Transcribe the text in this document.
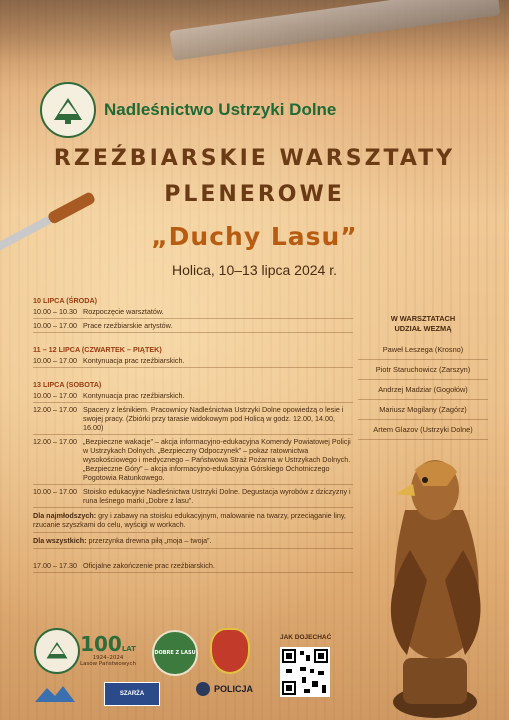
Nadleśnictwo Ustrzyki Dolne
RZEŹBIARSKIE WARSZTATY
PLENEROWE
„Duchy Lasu”
Holica, 10–13 lipca 2024 r.
10 LIPCA (ŚRODA)
10.00 – 10.30 Rozpoczęcie warsztatów.
10.00 – 17.00 Prace rzeźbiarskie artystów.
11 – 12 LIPCA (CZWARTEK – PIĄTEK)
10.00 – 17.00 Kontynuacja prac rzeźbiarskich.
13 LIPCA (SOBOTA)
10.00 – 17.00 Kontynuacja prac rzeźbiarskich.
12.00 – 17.00 Spacery z leśnikiem. Pracownicy Nadleśnictwa Ustrzyki Dolne opowiedzą o lesie i swojej pracy. (Zbiórki przy tarasie widokowym pod Holicą w godz. 12.00, 14.00, 16.00)
12.00 – 17.00 „Bezpieczne wakacje” – akcja informacyjno-edukacyjna Komendy Powiatowej Policji w Ustrzykach Dolnych. „Bezpieczny Odpoczynek” – pokaz ratownictwa wysokościowego i medycznego – Państwowa Straż Pożarna w Ustrzykach Dolnych. „Bezpieczne Góry” – akcja informacyjno-edukacyjna Górskiego Ochotniczego Pogotowia Ratunkowego.
10.00 – 17.00 Stoisko edukacyjne Nadleśnictwa Ustrzyki Dolne. Degustacja wyrobów z dziczyzny i runa leśnego marki „Dobre z lasu”.
Dla najmłodszych: gry i zabawy na stoisku edukacyjnym, malowanie na twarzy, przeciąganie liny, rzucanie szyszkami do celu, wyścigi w workach.
Dla wszystkich: przerzynka drewna piłą „moja – twoja”.
17.00 – 17.30 Oficjalne zakończenie prac rzeźbiarskich.
W WARSZTATACH
UDZIAŁ WEZMĄ
Paweł Leszega (Krosno)
Piotr Staruchowicz (Zarszyn)
Andrzej Madziar (Gogołów)
Mariusz Mogilany (Zagórz)
Artem Glazov (Ustrzyki Dolne)
100LAT
1924–2024
Lasów Państwowych
DOBRE Z LASU
JAK DOJECHAĆ
SZARŻA	POLICJA
